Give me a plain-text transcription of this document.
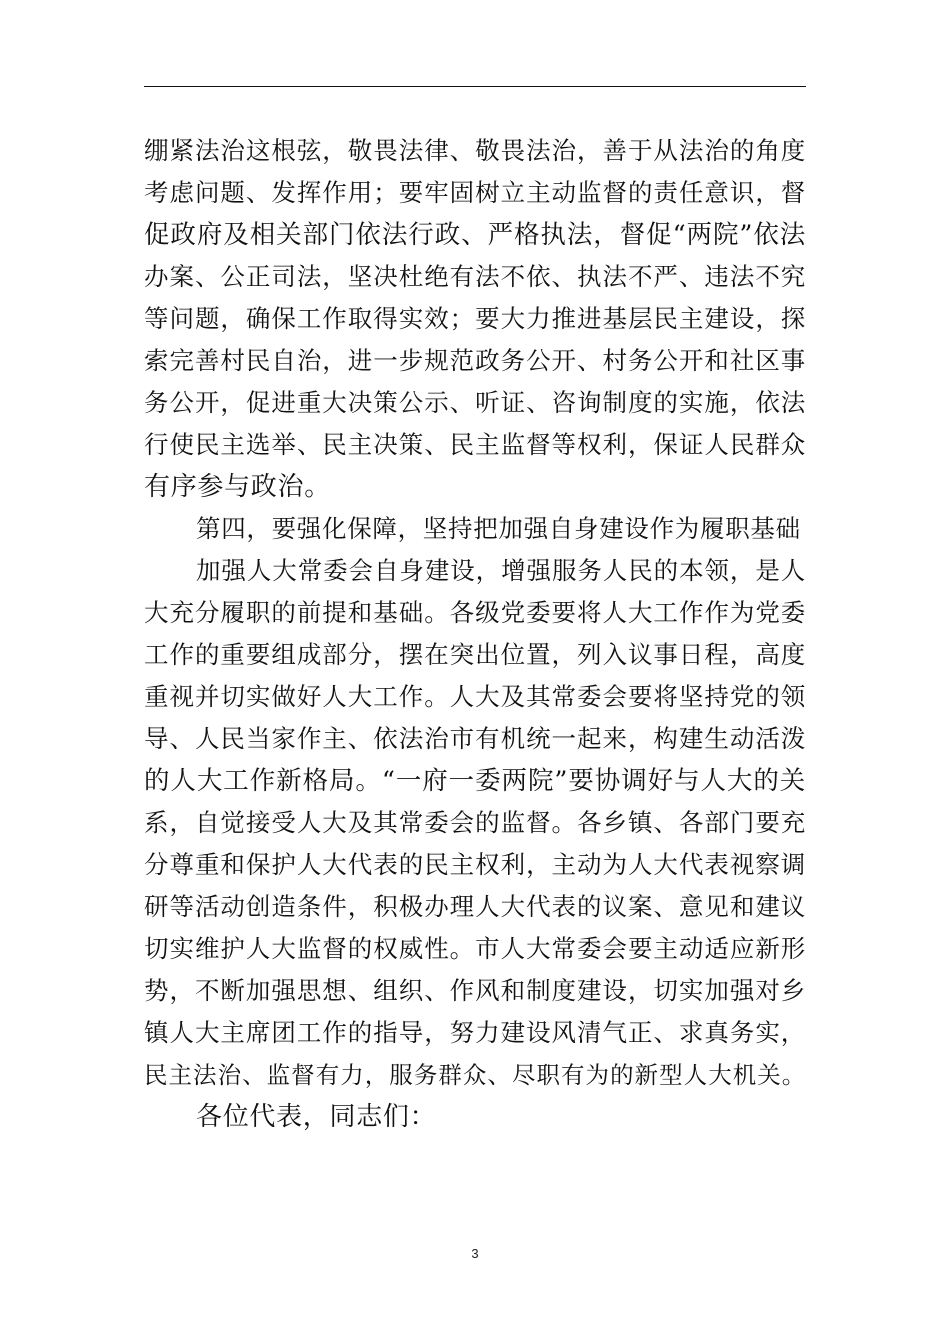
绷紧法治这根弦，敬畏法律、敬畏法治，善于从法治的角度
考虑问题、发挥作用；要牢固树立主动监督的责任意识，督
促政府及相关部门依法行政、严格执法，督促“两院”依法
办案、公正司法，坚决杜绝有法不依、执法不严、违法不究
等问题，确保工作取得实效；要大力推进基层民主建设，探
索完善村民自治，进一步规范政务公开、村务公开和社区事
务公开，促进重大决策公示、听证、咨询制度的实施，依法
行使民主选举、民主决策、民主监督等权利，保证人民群众
有序参与政治。
第四，要强化保障，坚持把加强自身建设作为履职基础
加强人大常委会自身建设，增强服务人民的本领，是人
大充分履职的前提和基础。各级党委要将人大工作作为党委
工作的重要组成部分，摆在突出位置，列入议事日程，高度
重视并切实做好人大工作。人大及其常委会要将坚持党的领
导、人民当家作主、依法治市有机统一起来，构建生动活泼
的人大工作新格局。“一府一委两院”要协调好与人大的关
系，自觉接受人大及其常委会的监督。各乡镇、各部门要充
分尊重和保护人大代表的民主权利，主动为人大代表视察调
研等活动创造条件，积极办理人大代表的议案、意见和建议
切实维护人大监督的权威性。市人大常委会要主动适应新形
势，不断加强思想、组织、作风和制度建设，切实加强对乡
镇人大主席团工作的指导，努力建设风清气正、求真务实，
民主法治、监督有力，服务群众、尽职有为的新型人大机关。
各位代表，同志们：
3
